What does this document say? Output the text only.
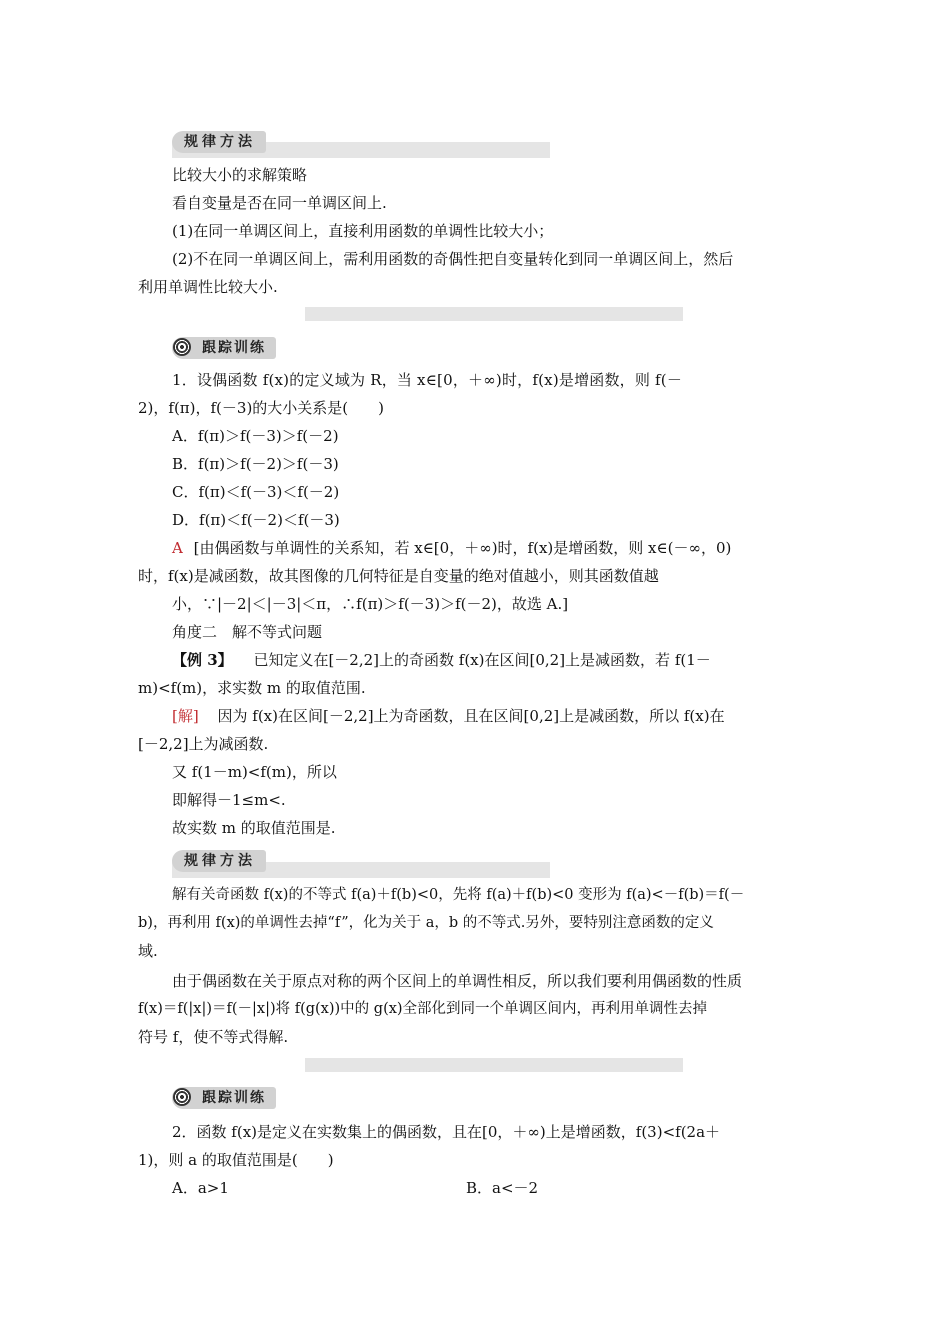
规律方法
比较大小的求解策略
看自变量是否在同一单调区间上.
(1)在同一单调区间上，直接利用函数的单调性比较大小；
(2)不在同一单调区间上，需利用函数的奇偶性把自变量转化到同一单调区间上，然后
利用单调性比较大小.
跟踪训练
1．设偶函数 f(x)的定义域为 R，当 x∈[0，＋∞)时，f(x)是增函数，则 f(－
2)，f(π)，f(－3)的大小关系是(　　)
A．f(π)＞f(－3)＞f(－2)
B．f(π)＞f(－2)＞f(－3)
C．f(π)＜f(－3)＜f(－2)
D．f(π)＜f(－2)＜f(－3)
A [由偶函数与单调性的关系知，若 x∈[0，＋∞)时，f(x)是增函数，则 x∈(－∞，0)
时，f(x)是减函数，故其图像的几何特征是自变量的绝对值越小，则其函数值越
小，∵|－2|＜|－3|＜π，∴f(π)＞f(－3)＞f(－2)，故选 A.]
角度二　解不等式问题
【例 3】 已知定义在[－2,2]上的奇函数 f(x)在区间[0,2]上是减函数，若 f(1－
m)<f(m)，求实数 m 的取值范围.
[解] 因为 f(x)在区间[－2,2]上为奇函数，且在区间[0,2]上是减函数，所以 f(x)在
[－2,2]上为减函数.
又 f(1－m)<f(m)，所以
即解得－1≤m<.
故实数 m 的取值范围是.
规律方法
解有关奇函数 f(x)的不等式 f(a)＋f(b)<0，先将 f(a)＋f(b)<0 变形为 f(a)<－f(b)＝f(－
b)，再利用 f(x)的单调性去掉“f”，化为关于 a，b 的不等式.另外，要特别注意函数的定义
域.
由于偶函数在关于原点对称的两个区间上的单调性相反，所以我们要利用偶函数的性质
f(x)＝f(|x|)＝f(－|x|)将 f(g(x))中的 g(x)全部化到同一个单调区间内，再利用单调性去掉
符号 f，使不等式得解.
跟踪训练
2．函数 f(x)是定义在实数集上的偶函数，且在[0，＋∞)上是增函数，f(3)<f(2a＋
1)，则 a 的取值范围是(　　)
A．a>1	B．a<－2
